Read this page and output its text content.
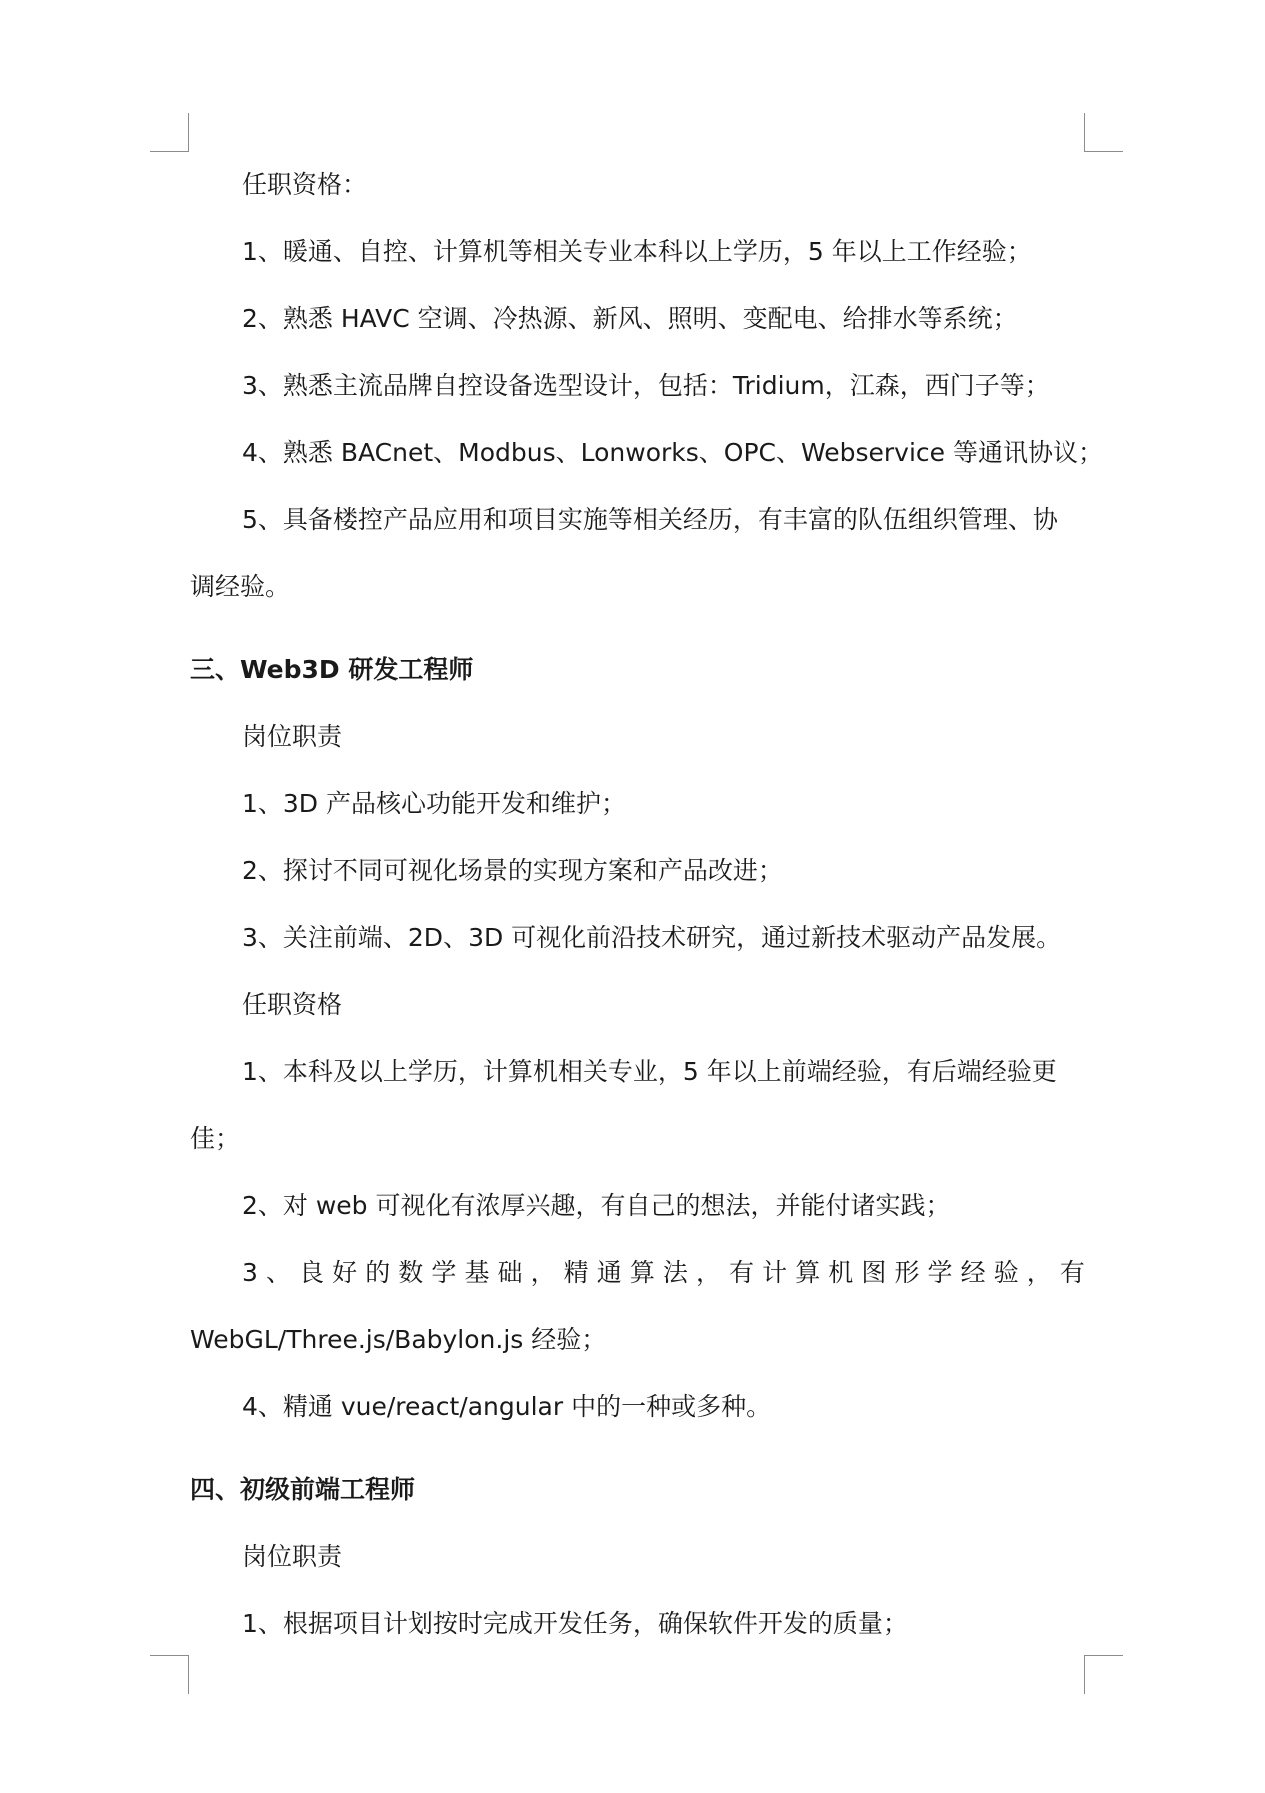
任职资格：
1、暖通、自控、计算机等相关专业本科以上学历，5 年以上工作经验；
2、熟悉 HAVC 空调、冷热源、新风、照明、变配电、给排水等系统；
3、熟悉主流品牌自控设备选型设计，包括：Tridium，江森，西门子等；
4、熟悉 BACnet、Modbus、Lonworks、OPC、Webservice 等通讯协议；
5、具备楼控产品应用和项目实施等相关经历，有丰富的队伍组织管理、协
调经验。
三、Web3D 研发工程师
岗位职责
1、3D 产品核心功能开发和维护；
2、探讨不同可视化场景的实现方案和产品改进；
3、关注前端、2D、3D 可视化前沿技术研究，通过新技术驱动产品发展。
任职资格
1、本科及以上学历，计算机相关专业，5 年以上前端经验，有后端经验更
佳；
2、对 web 可视化有浓厚兴趣，有自己的想法，并能付诸实践；
3 、 良 好 的 数 学 基 础 ， 精 通 算 法 ， 有 计 算 机 图 形 学 经 验 ， 有
WebGL/Three.js/Babylon.js 经验；
4、精通 vue/react/angular 中的一种或多种。
四、初级前端工程师
岗位职责
1、根据项目计划按时完成开发任务，确保软件开发的质量；
